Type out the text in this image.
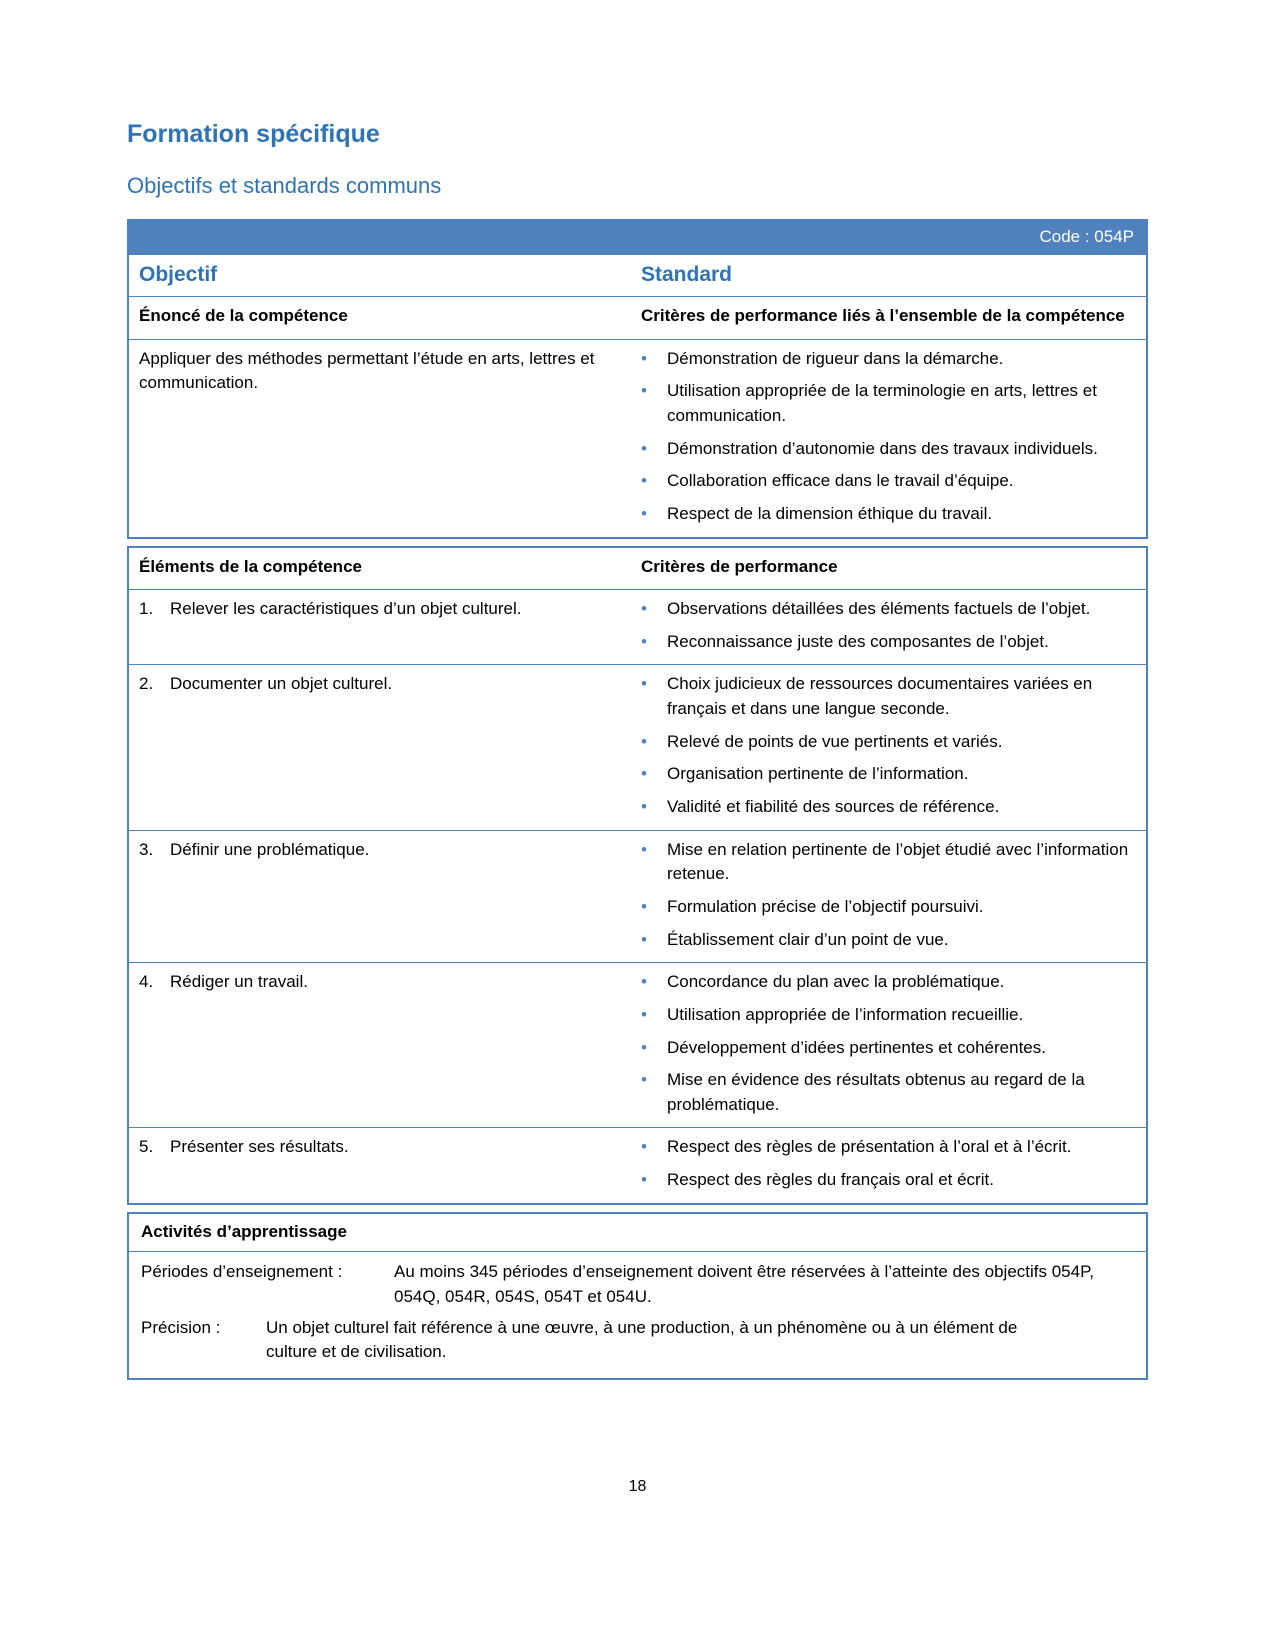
Formation spécifique
Objectifs et standards communs
Code : 054P
Objectif	Standard
Énoncé de la compétence	Critères de performance liés à l’ensemble de la compétence
Appliquer des méthodes permettant l’étude en arts, lettres et communication.
•	Démonstration de rigueur dans la démarche.
•	Utilisation appropriée de la terminologie en arts, lettres et communication.
•	Démonstration d’autonomie dans des travaux individuels.
•	Collaboration efficace dans le travail d’équipe.
•	Respect de la dimension éthique du travail.
Éléments de la compétence	Critères de performance
1. Relever les caractéristiques d’un objet culturel.	•	Observations détaillées des éléments factuels de l’objet.
•	Reconnaissance juste des composantes de l’objet.
2. Documenter un objet culturel.	•	Choix judicieux de ressources documentaires variées en français et dans une langue seconde.
•	Relevé de points de vue pertinents et variés.
•	Organisation pertinente de l’information.
•	Validité et fiabilité des sources de référence.
3. Définir une problématique.	•	Mise en relation pertinente de l’objet étudié avec l’information retenue.
•	Formulation précise de l’objectif poursuivi.
•	Établissement clair d’un point de vue.
4. Rédiger un travail.	•	Concordance du plan avec la problématique.
•	Utilisation appropriée de l’information recueillie.
•	Développement d’idées pertinentes et cohérentes.
•	Mise en évidence des résultats obtenus au regard de la problématique.
5. Présenter ses résultats.	•	Respect des règles de présentation à l’oral et à l’écrit.
•	Respect des règles du français oral et écrit.
Activités d’apprentissage
Périodes d’enseignement :	Au moins 345 périodes d’enseignement doivent être réservées à l’atteinte des objectifs 054P, 054Q, 054R, 054S, 054T et 054U.
Précision :	Un objet culturel fait référence à une œuvre, à une production, à un phénomène ou à un élément de culture et de civilisation.
18
